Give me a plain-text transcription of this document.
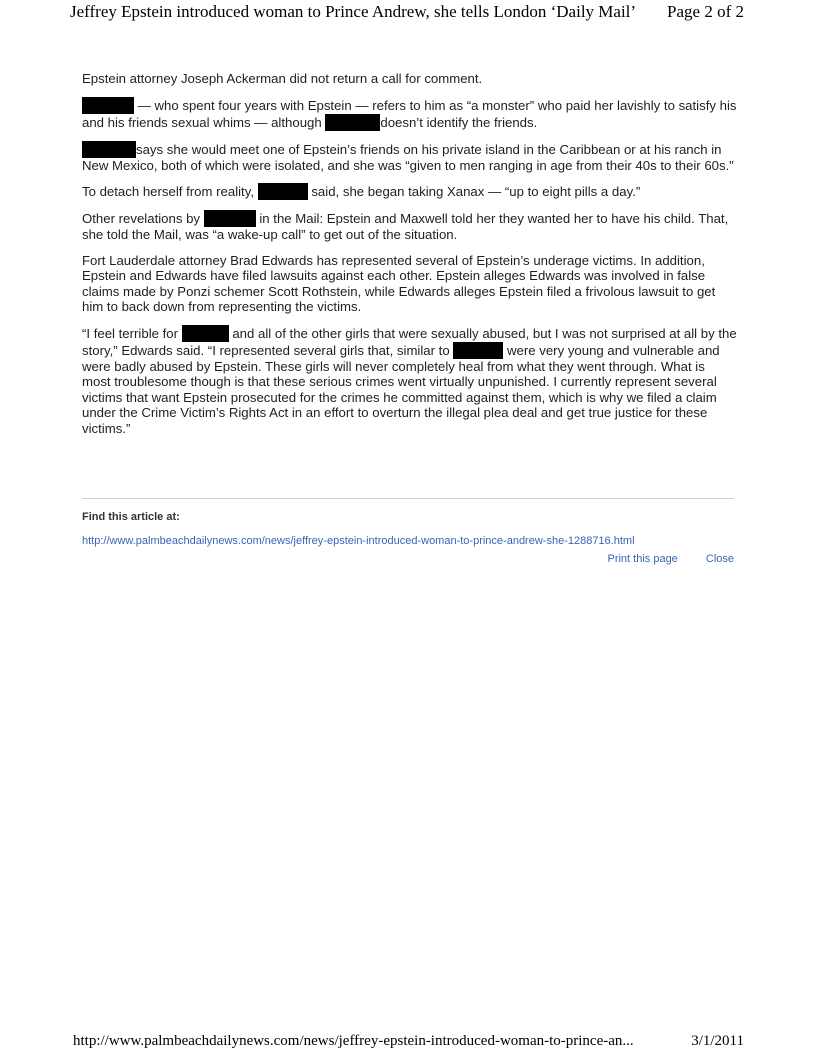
Jeffrey Epstein introduced woman to Prince Andrew, she tells London ‘Daily Mail’ Page 2 of 2

Epstein attorney Joseph Ackerman did not return a call for comment.

— who spent four years with Epstein — refers to him as “a monster” who paid her lavishly to satisfy his and his friends sexual whims — although	doesn’t identify the friends.

says she would meet one of Epstein’s friends on his private island in the Caribbean or at his ranch in New Mexico, both of which were isolated, and she was “given to men ranging in age from their 40s to their 60s.”

To detach herself from reality,	said, she began taking Xanax — “up to eight pills a day.”

Other revelations by	in the Mail: Epstein and Maxwell told her they wanted her to have his child. That, she told the Mail, was “a wake-up call” to get out of the situation.

Fort Lauderdale attorney Brad Edwards has represented several of Epstein’s underage victims. In addition, Epstein and Edwards have filed lawsuits against each other. Epstein alleges Edwards was involved in false claims made by Ponzi schemer Scott Rothstein, while Edwards alleges Epstein filed a frivolous lawsuit to get him to back down from representing the victims.

“I feel terrible for	and all of the other girls that were sexually abused, but I was not surprised at all by the story,” Edwards said. “I represented several girls that, similar to	were very young and vulnerable and were badly abused by Epstein. These girls will never completely heal from what they went through. What is most troublesome though is that these serious crimes went virtually unpunished. I currently represent several victims that want Epstein prosecuted for the crimes he committed against them, which is why we filed a claim under the Crime Victim’s Rights Act in an effort to overturn the illegal plea deal and get true justice for these victims.”

Find this article at:
http://www.palmbeachdailynews.com/news/jeffrey-epstein-introduced-woman-to-prince-andrew-she-1288716.html
Print this page	Close
http://www.palmbeachdailynews.com/news/jeffrey-epstein-introduced-woman-to-prince-an...	3/1/2011
